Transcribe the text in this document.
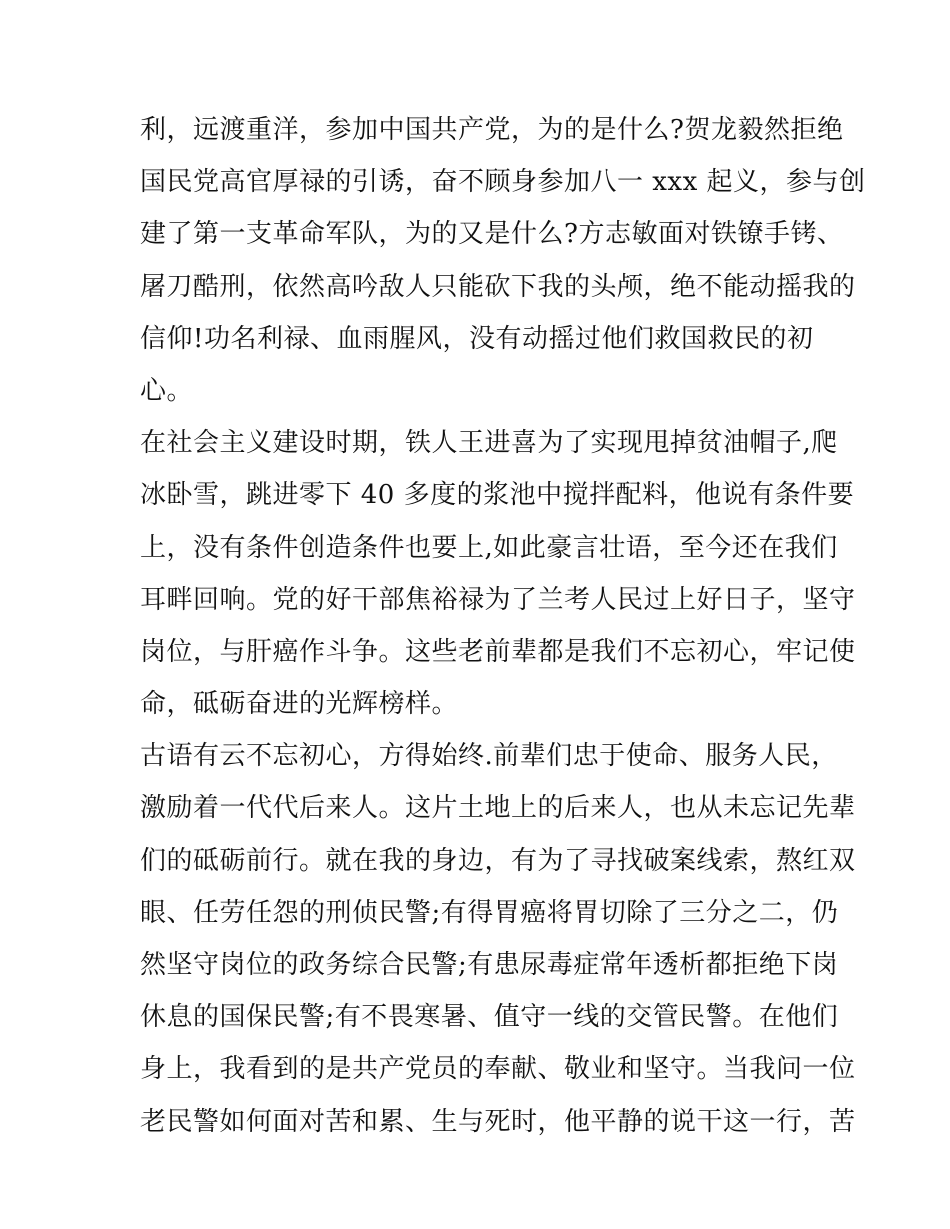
利，远渡重洋，参加中国共产党，为的是什么?贺龙毅然拒绝
国民党高官厚禄的引诱，奋不顾身参加八一 xxx 起义，参与创
建了第一支革命军队，为的又是什么?方志敏面对铁镣手铐、
屠刀酷刑，依然高吟敌人只能砍下我的头颅，绝不能动摇我的
信仰!功名利禄、血雨腥风，没有动摇过他们救国救民的初
心。
在社会主义建设时期，铁人王进喜为了实现甩掉贫油帽子,爬
冰卧雪，跳进零下 40 多度的浆池中搅拌配料，他说有条件要
上，没有条件创造条件也要上,如此豪言壮语，至今还在我们
耳畔回响。党的好干部焦裕禄为了兰考人民过上好日子，坚守
岗位，与肝癌作斗争。这些老前辈都是我们不忘初心，牢记使
命，砥砺奋进的光辉榜样。
古语有云不忘初心，方得始终.前辈们忠于使命、服务人民，
激励着一代代后来人。这片土地上的后来人，也从未忘记先辈
们的砥砺前行。就在我的身边，有为了寻找破案线索，熬红双
眼、任劳任怨的刑侦民警;有得胃癌将胃切除了三分之二，仍
然坚守岗位的政务综合民警;有患尿毒症常年透析都拒绝下岗
休息的国保民警;有不畏寒暑、值守一线的交管民警。在他们
身上，我看到的是共产党员的奉献、敬业和坚守。当我问一位
老民警如何面对苦和累、生与死时，他平静的说干这一行，苦
